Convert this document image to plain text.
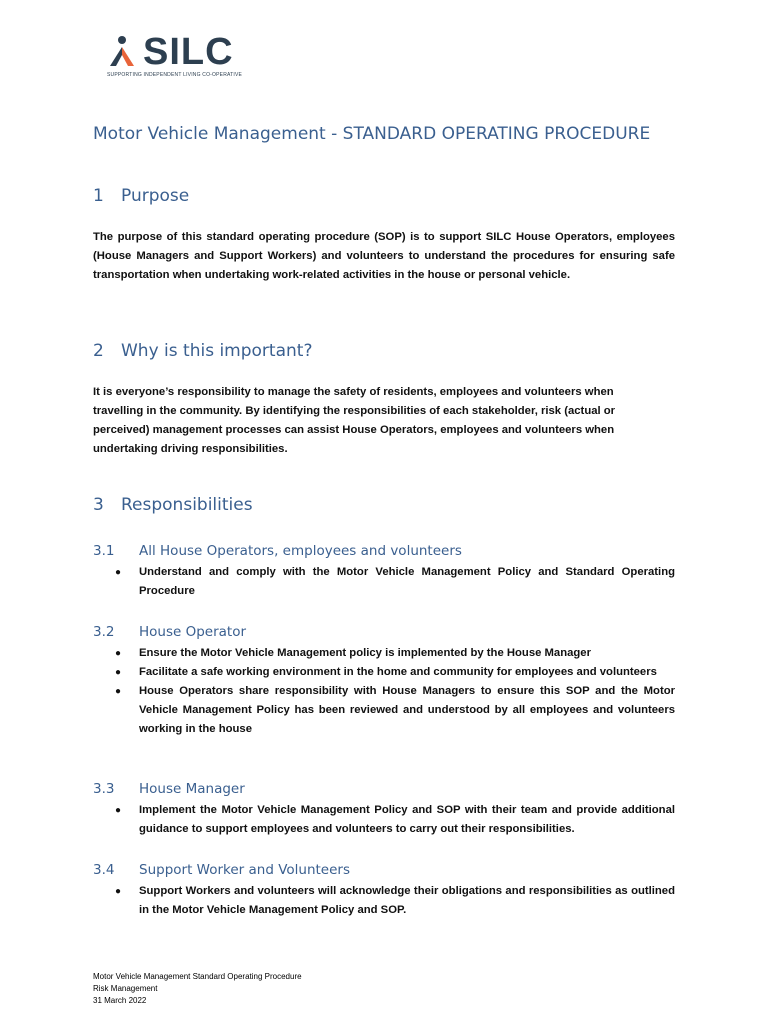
SILC
SUPPORTING INDEPENDENT LIVING CO-OPERATIVE
Motor Vehicle Management - STANDARD OPERATING PROCEDURE
1 Purpose
The purpose of this standard operating procedure (SOP) is to support SILC House Operators, employees (House Managers and Support Workers) and volunteers to understand the procedures for ensuring safe transportation when undertaking work-related activities in the house or personal vehicle.
2 Why is this important?
It is everyone’s responsibility to manage the safety of residents, employees and volunteers when travelling in the community. By identifying the responsibilities of each stakeholder, risk (actual or perceived) management processes can assist House Operators, employees and volunteers when undertaking driving responsibilities.
3 Responsibilities
3.1 All House Operators, employees and volunteers
● Understand and comply with the Motor Vehicle Management Policy and Standard Operating Procedure
3.2 House Operator
● Ensure the Motor Vehicle Management policy is implemented by the House Manager
● Facilitate a safe working environment in the home and community for employees and volunteers
● House Operators share responsibility with House Managers to ensure this SOP and the Motor Vehicle Management Policy has been reviewed and understood by all employees and volunteers working in the house
3.3 House Manager
● Implement the Motor Vehicle Management Policy and SOP with their team and provide additional guidance to support employees and volunteers to carry out their responsibilities.
3.4 Support Worker and Volunteers
● Support Workers and volunteers will acknowledge their obligations and responsibilities as outlined in the Motor Vehicle Management Policy and SOP.
Motor Vehicle Management Standard Operating Procedure
Risk Management
31 March 2022
